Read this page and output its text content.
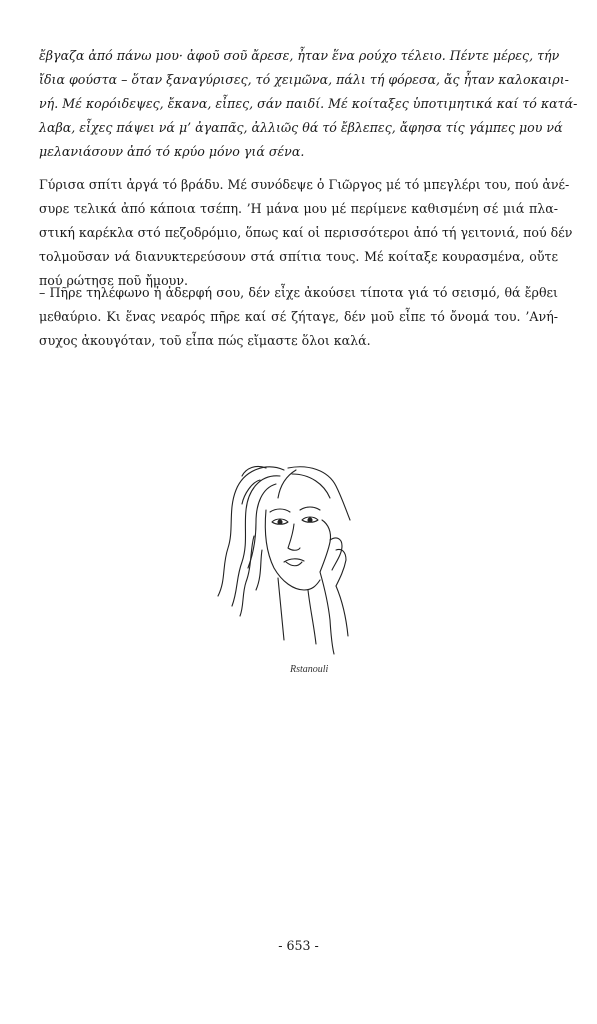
ἔβγαζα ἀπό πάνω μου· ἀφοῦ σοῦ ἄρεσε, ἦταν ἕνα ρούχο τέλειο. Πέντε μέρες, τήν
ἴδια φούστα – ὅταν ξαναγύρισες, τό χειμῶνα, πάλι τή φόρεσα, ἄς ἦταν καλοκαιρι-
νή. Μέ κορόιδεψες, ἔκανα, εἶπες, σάν παιδί. Μέ κοίταξες ὑποτιμητικά καί τό κατά-
λαβα, εἶχες πάψει νά μ’ ἀγαπᾶς, ἀλλιῶς θά τό ἔβλεπες, ἄφησα τίς γάμπες μου νά
μελανιάσουν ἀπό τό κρύο μόνο γιά σένα.
Γύρισα σπίτι ἀργά τό βράδυ. Μέ συνόδεψε ὁ Γιῶργος μέ τό μπεγλέρι του, πού ἀνέ-
συρε τελικά ἀπό κάποια τσέπη. ’Η μάνα μου μέ περίμενε καθισμένη σέ μιά πλα-
στική καρέκλα στό πεζοδρόμιο, ὅπως καί οἱ περισσότεροι ἀπό τή γειτονιά, πού δέν
τολμοῦσαν νά διανυκτερεύσουν στά σπίτια τους. Μέ κοίταξε κουρασμένα, οὔτε
πού ρώτησε ποῦ ἤμουν.
– Πῆρε τηλέφωνο ἡ ἀδερφή σου, δέν εἶχε ἀκούσει τίποτα γιά τό σεισμό, θά ἔρθει
μεθαύριο. Κι ἕνας νεαρός πῆρε καί σέ ζήταγε, δέν μοῦ εἶπε τό ὄνομά του. ’Ανή-
συχος ἀκουγόταν, τοῦ εἶπα πώς εἴμαστε ὅλοι καλά.
Rstanouli
- 653 -
